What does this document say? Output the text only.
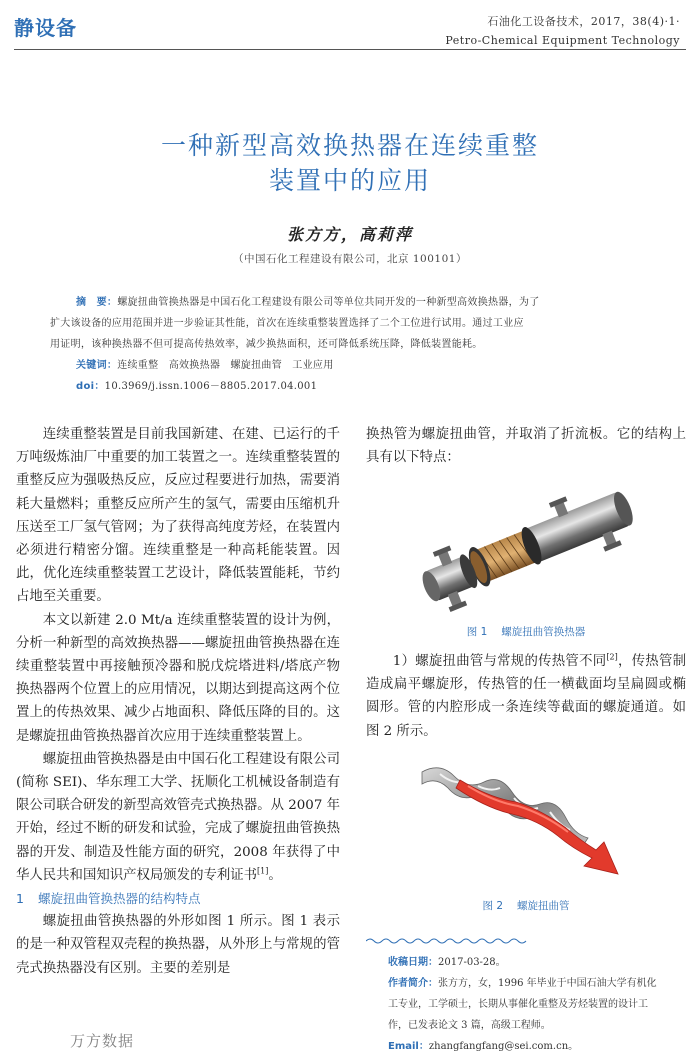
静设备	石油化工设备技术，2017，38(4)·1·
Petro-Chemical Equipment Technology
一种新型高效换热器在连续重整
装置中的应用
张方方，高莉萍
（中国石化工程建设有限公司，北京 100101）
摘　要：螺旋扭曲管换热器是中国石化工程建设有限公司等单位共同开发的一种新型高效换热器，为了
扩大该设备的应用范围并进一步验证其性能，首次在连续重整装置选择了二个工位进行试用。通过工业应
用证明，该种换热器不但可提高传热效率，减少换热面积，还可降低系统压降，降低装置能耗。
关键词：连续重整　高效换热器　螺旋扭曲管　工业应用
doi：10.3969/j.issn.1006－8805.2017.04.001

连续重整装置是目前我国新建、在建、已运行的千万吨级炼油厂中重要的加工装置之一。连续重整装置的重整反应为强吸热反应，反应过程要进行加热，需要消耗大量燃料；重整反应所产生的氢气，需要由压缩机升压送至工厂氢气管网；为了获得高纯度芳烃，在装置内必须进行精密分馏。连续重整是一种高耗能装置。因此，优化连续重整装置工艺设计，降低装置能耗，节约占地至关重要。

本文以新建 2.0 Mt/a 连续重整装置的设计为例，分析一种新型的高效换热器——螺旋扭曲管换热器在连续重整装置中再接触预冷器和脱戊烷塔进料/塔底产物换热器两个位置上的应用情况，以期达到提高这两个位置上的传热效果、减少占地面积、降低压降的目的。这是螺旋扭曲管换热器首次应用于连续重整装置上。

螺旋扭曲管换热器是由中国石化工程建设有限公司(简称 SEI)、华东理工大学、抚顺化工机械设备制造有限公司联合研发的新型高效管壳式换热器。从 2007 年开始，经过不断的研发和试验，完成了螺旋扭曲管换热器的开发、制造及性能方面的研究，2008 年获得了中华人民共和国知识产权局颁发的专利证书[1]。

1 螺旋扭曲管换热器的结构特点

螺旋扭曲管换热器的外形如图 1 所示。图 1 表示的是一种双管程双壳程的换热器，从外形上与常规的管壳式换热器没有区别。主要的差别是

换热管为螺旋扭曲管，并取消了折流板。它的结构上具有以下特点：

图 1 螺旋扭曲管换热器

1）螺旋扭曲管与常规的传热管不同[2]，传热管制造成扁平螺旋形，传热管的任一横截面均呈扁圆或椭圆形。管的内腔形成一条连续等截面的螺旋通道。如图 2 所示。

图 2 螺旋扭曲管
收稿日期：2017-03-28。
作者简介：张方方，女，1996 年毕业于中国石油大学有机化
工专业，工学硕士，长期从事催化重整及芳烃装置的设计工
作，已发表论文 3 篇，高级工程师。
Email：zhangfangfang@sei.com.cn。
万方数据
